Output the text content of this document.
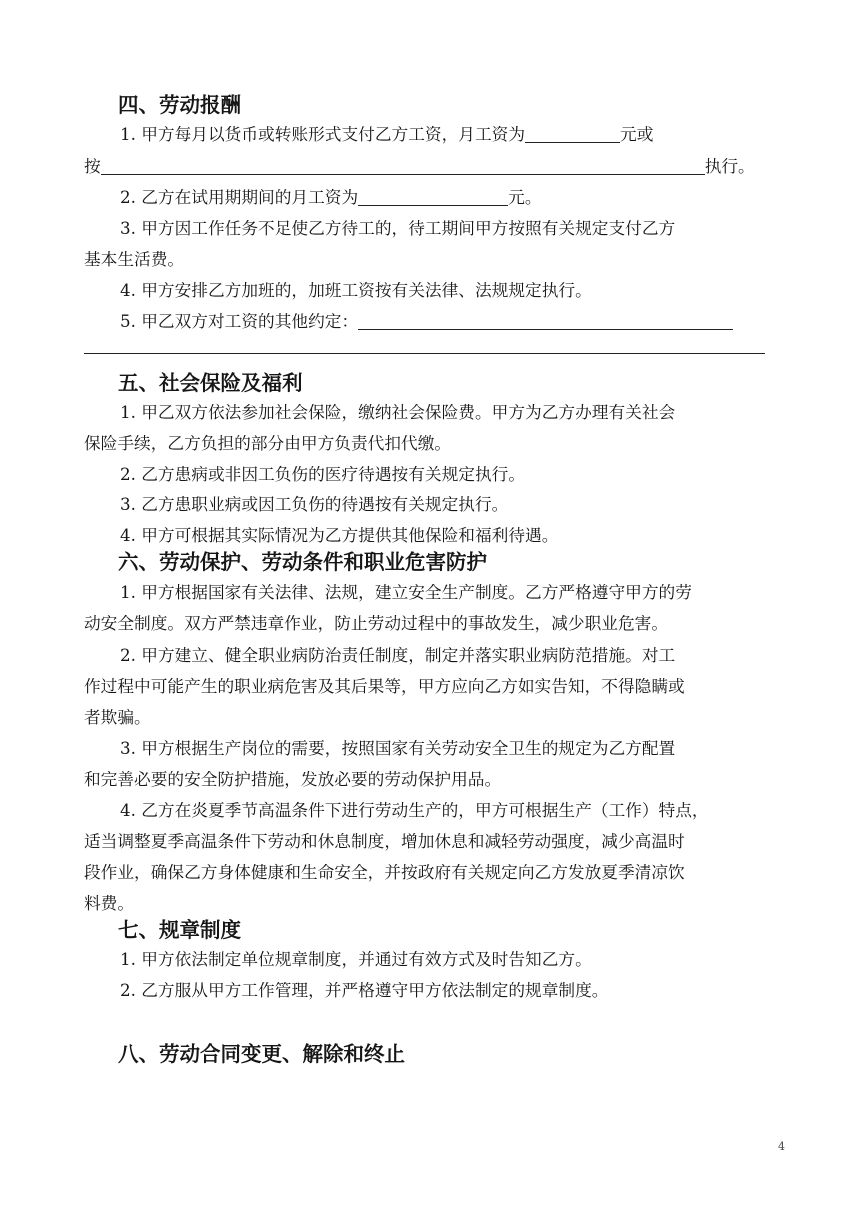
四、劳动报酬
1. 甲方每月以货币或转账形式支付乙方工资，月工资为	元或
按	执行。
2. 乙方在试用期期间的月工资为	元。
3. 甲方因工作任务不足使乙方待工的，待工期间甲方按照有关规定支付乙方
基本生活费。
4. 甲方安排乙方加班的，加班工资按有关法律、法规规定执行。
5. 甲乙双方对工资的其他约定：
五、社会保险及福利
1. 甲乙双方依法参加社会保险，缴纳社会保险费。甲方为乙方办理有关社会
保险手续，乙方负担的部分由甲方负责代扣代缴。
2. 乙方患病或非因工负伤的医疗待遇按有关规定执行。
3. 乙方患职业病或因工负伤的待遇按有关规定执行。
4. 甲方可根据其实际情况为乙方提供其他保险和福利待遇。
六、劳动保护、劳动条件和职业危害防护
1. 甲方根据国家有关法律、法规，建立安全生产制度。乙方严格遵守甲方的劳
动安全制度。双方严禁违章作业，防止劳动过程中的事故发生，减少职业危害。
2. 甲方建立、健全职业病防治责任制度，制定并落实职业病防范措施。对工
作过程中可能产生的职业病危害及其后果等，甲方应向乙方如实告知，不得隐瞒或
者欺骗。
3. 甲方根据生产岗位的需要，按照国家有关劳动安全卫生的规定为乙方配置
和完善必要的安全防护措施，发放必要的劳动保护用品。
4. 乙方在炎夏季节高温条件下进行劳动生产的，甲方可根据生产（工作）特点，
适当调整夏季高温条件下劳动和休息制度，增加休息和减轻劳动强度，减少高温时
段作业，确保乙方身体健康和生命安全，并按政府有关规定向乙方发放夏季清凉饮
料费。
七、规章制度
1. 甲方依法制定单位规章制度，并通过有效方式及时告知乙方。
2. 乙方服从甲方工作管理，并严格遵守甲方依法制定的规章制度。
八、劳动合同变更、解除和终止
4
